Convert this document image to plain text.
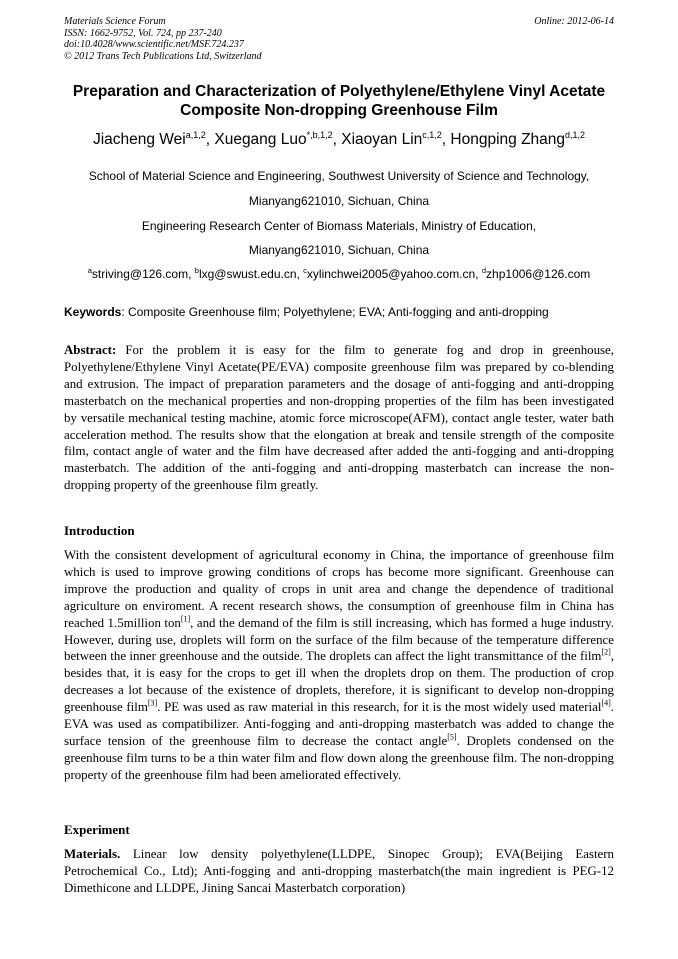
Materials Science Forum
ISSN: 1662-9752, Vol. 724, pp 237-240
doi:10.4028/www.scientific.net/MSF.724.237
© 2012 Trans Tech Publications Ltd, Switzerland
Online: 2012-06-14
Preparation and Characterization of Polyethylene/Ethylene Vinyl Acetate
Composite Non-dropping Greenhouse Film
Jiacheng Wei$^{a,1,2}$, Xuegang Luo$^{*,b,1,2}$, Xiaoyan Lin$^{c,1,2}$, Hongping Zhang$^{d,1,2}$
School of Material Science and Engineering, Southwest University of Science and Technology,
Mianyang621010, Sichuan, China
Engineering Research Center of Biomass Materials, Ministry of Education,
Mianyang621010, Sichuan, China
$^a$striving@126.com, $^b$lxg@swust.edu.cn, $^c$xylinchwei2005@yahoo.com.cn, $^d$zhp1006@126.com
Keywords: Composite Greenhouse film; Polyethylene; EVA; Anti-fogging and anti-dropping
Abstract: For the problem it is easy for the film to generate fog and drop in greenhouse, Polyethylene/Ethylene Vinyl Acetate(PE/EVA) composite greenhouse film was prepared by co-blending and extrusion. The impact of preparation parameters and the dosage of anti-fogging and anti-dropping masterbatch on the mechanical properties and non-dropping properties of the film has been investigated by versatile mechanical testing machine, atomic force microscope(AFM), contact angle tester, water bath acceleration method. The results show that the elongation at break and tensile strength of the composite film, contact angle of water and the film have decreased after added the anti-fogging and anti-dropping masterbatch. The addition of the anti-fogging and anti-dropping masterbatch can increase the non-dropping property of the greenhouse film greatly.
Introduction
With the consistent development of agricultural economy in China, the importance of greenhouse film which is used to improve growing conditions of crops has become more significant. Greenhouse can improve the production and quality of crops in unit area and change the dependence of traditional agriculture on enviroment. A recent research shows, the consumption of greenhouse film in China has reached 1.5million ton[1], and the demand of the film is still increasing, which has formed a huge industry. However, during use, droplets will form on the surface of the film because of the temperature difference between the inner greenhouse and the outside. The droplets can affect the light transmittance of the film[2], besides that, it is easy for the crops to get ill when the droplets drop on them. The production of crop decreases a lot because of the existence of droplets, therefore, it is significant to develop non-dropping greenhouse film[3]. PE was used as raw material in this research, for it is the most widely used material[4]. EVA was used as compatibilizer. Anti-fogging and anti-dropping masterbatch was added to change the surface tension of the greenhouse film to decrease the contact angle[5]. Droplets condensed on the greenhouse film turns to be a thin water film and flow down along the greenhouse film. The non-dropping property of the greenhouse film had been ameliorated effectively.
Experiment
Materials. Linear low density polyethylene(LLDPE, Sinopec Group); EVA(Beijing Eastern Petrochemical Co., Ltd); Anti-fogging and anti-dropping masterbatch(the main ingredient is PEG-12 Dimethicone and LLDPE, Jining Sancai Masterbatch corporation)
